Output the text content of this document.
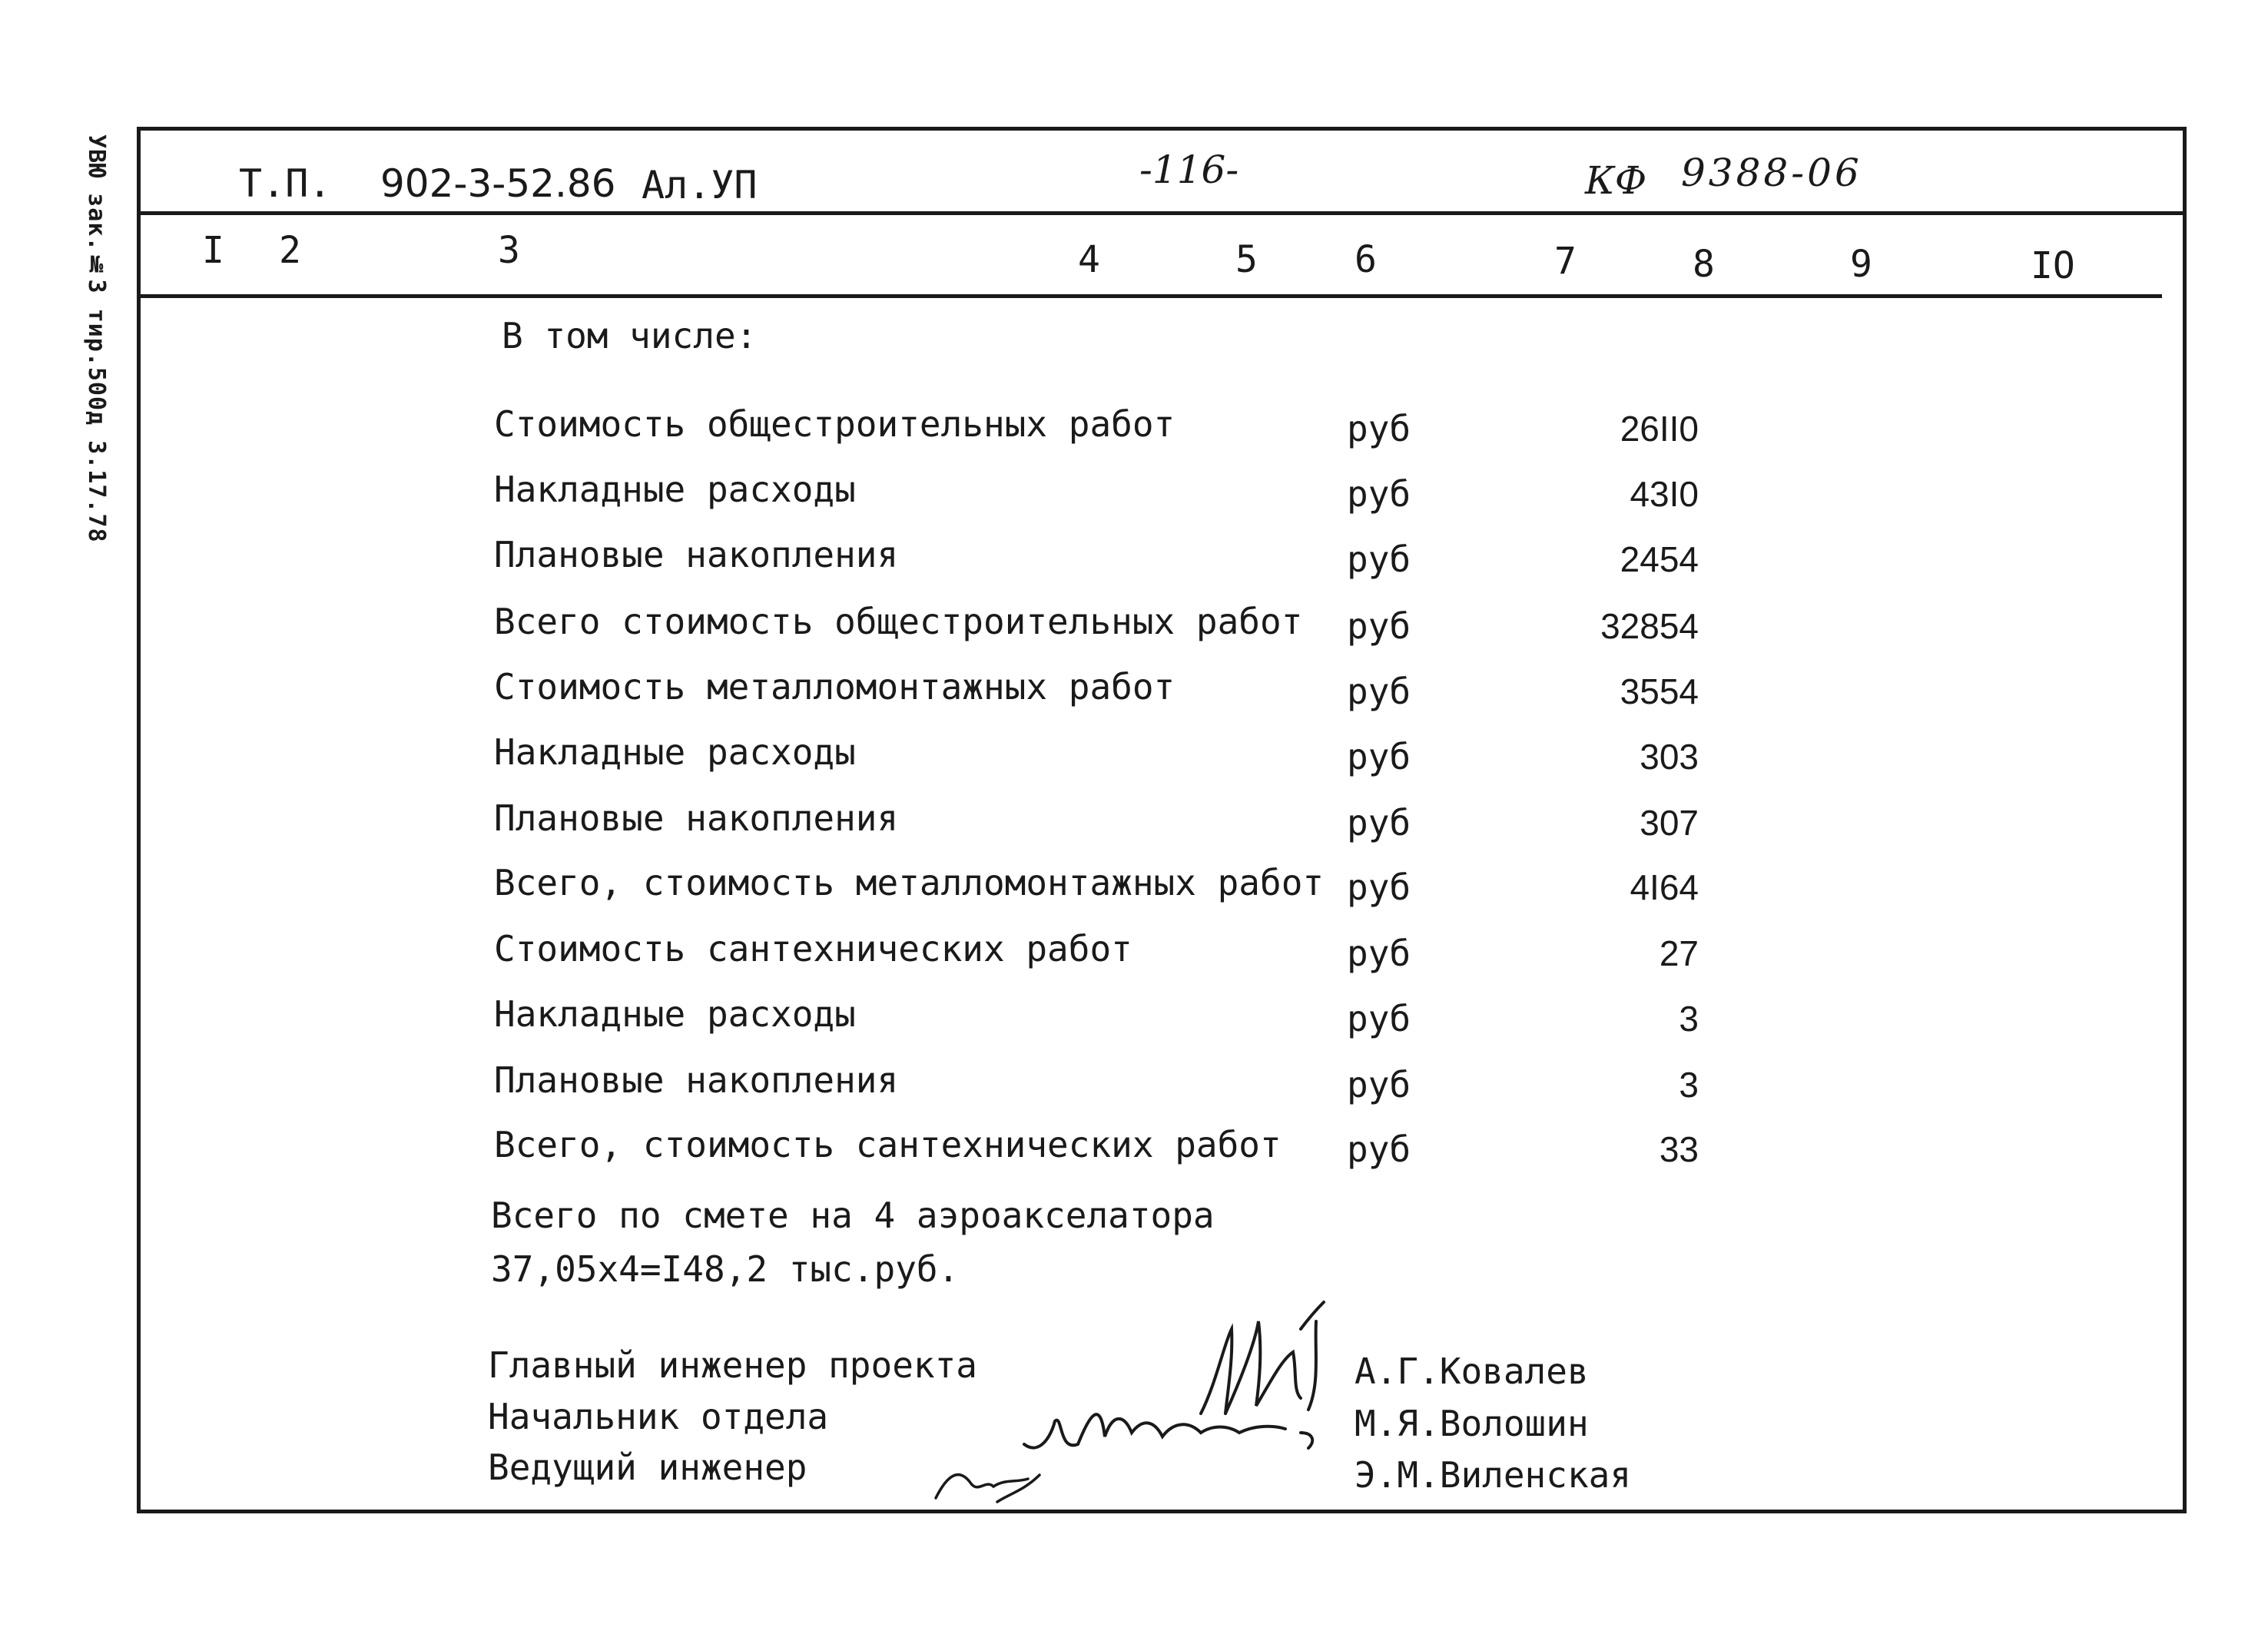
УВЮ зак.№3 тир.500д 3.17.78	Т.П. 902-3-52.86 Ал.УП	-116-	КФ 9388-06
I 2	3	4	5	6	7	8	9	IO
В том числе:
Стоимость общестроительных работ	руб	26II0
Накладные расходы	руб	43I0
Плановые накопления	руб	2454
Всего стоимость общестроительных работ руб	32854
Стоимость металломонтажных работ	руб	3554
Накладные расходы	руб	303
Плановые накопления	руб	307
Всего, стоимость металломонтажных работ руб	4I64
Стоимость сантехнических работ	руб	27
Накладные расходы	руб	3
Плановые накопления	руб	3
Всего, стоимость сантехнических работ руб	33
Всего по смете на 4 аэроакселатора
37,05х4=I48,2 тыс.руб.
Главный инженер проекта
Начальник отдела
Ведущий инженер
А.Г.Ковалев
М.Я.Волошин
Э.М.Виленская
